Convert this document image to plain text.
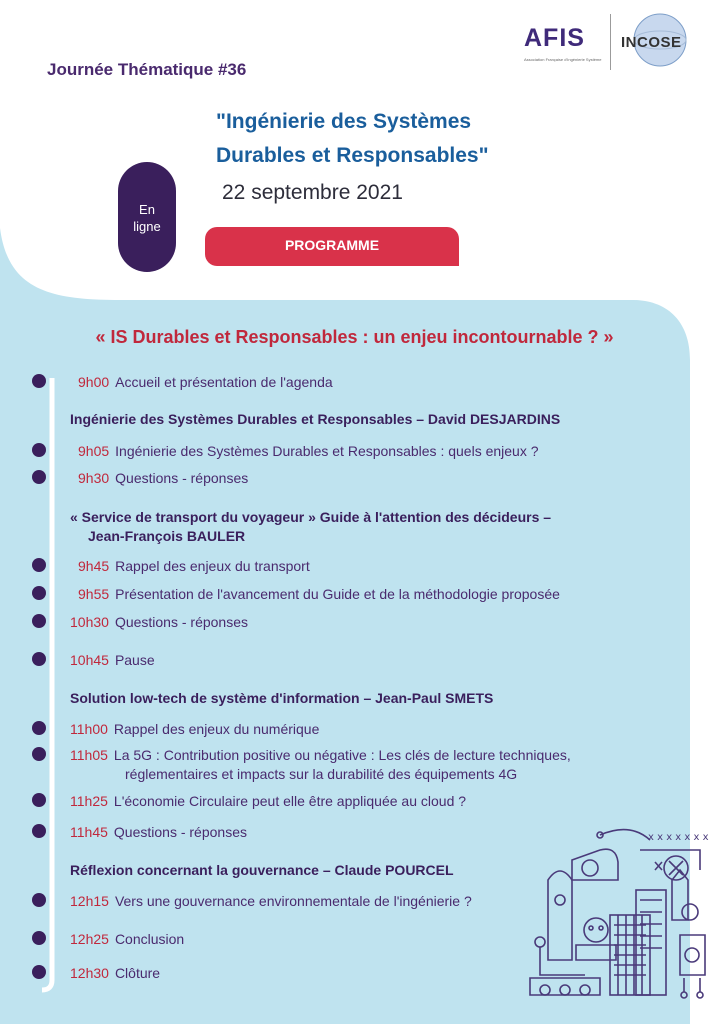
x x x x x x x
AFIS
Association Française d'Ingénierie Système
INCOSE
Journée Thématique #36
"Ingénierie des Systèmes
Durables et Responsables"
22 septembre 2021
En
ligne
PROGRAMME
« IS Durables et Responsables : un enjeu incontournable ? »
9h00 Accueil et présentation de l'agenda
Ingénierie des Systèmes Durables et Responsables – David DESJARDINS
9h05 Ingénierie des Systèmes Durables et Responsables : quels enjeux ?
9h30 Questions - réponses
« Service de transport du voyageur » Guide à l'attention des décideurs –
Jean-François BAULER
9h45 Rappel des enjeux du transport
9h55 Présentation de l'avancement du Guide et de la méthodologie proposée
10h30 Questions - réponses
10h45 Pause
Solution low-tech de système d'information – Jean-Paul SMETS
11h00 Rappel des enjeux du numérique
11h05 La 5G : Contribution positive ou négative : Les clés de lecture techniques,
réglementaires et impacts sur la durabilité des équipements 4G
11h25 L'économie Circulaire peut elle être appliquée au cloud ?
11h45 Questions - réponses
Réflexion concernant la gouvernance – Claude POURCEL
12h15 Vers une gouvernance environnementale de l'ingénierie ?
12h25 Conclusion
12h30 Clôture
